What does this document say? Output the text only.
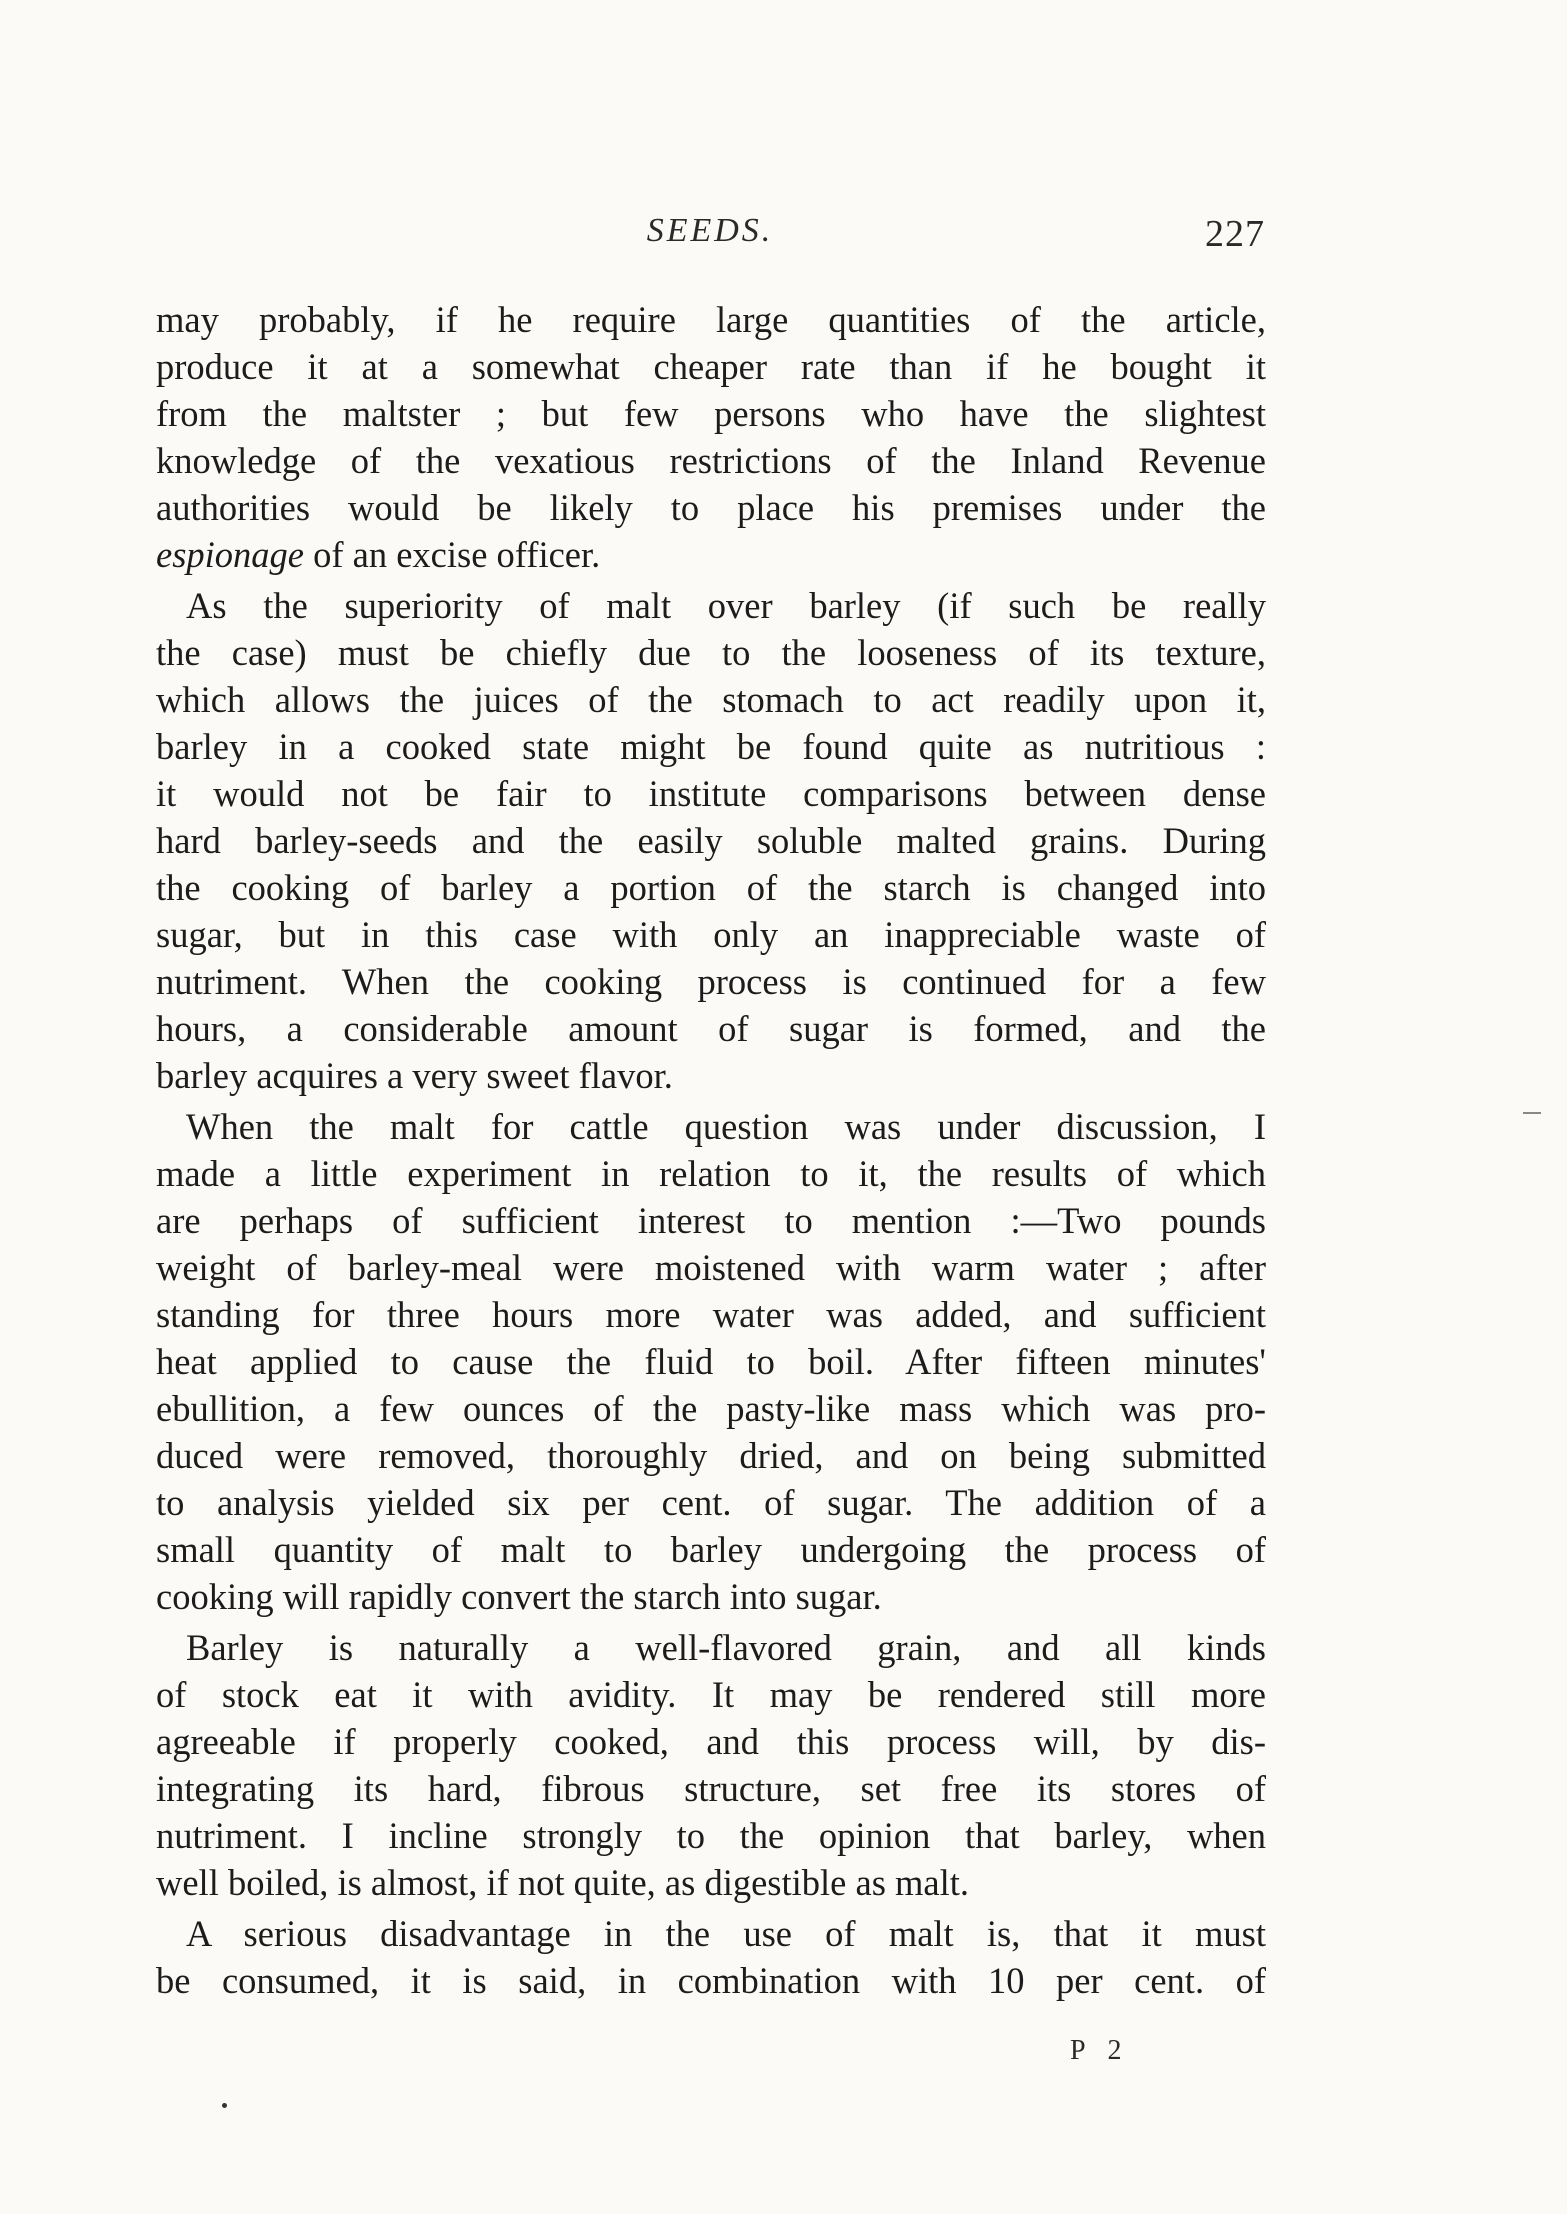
SEEDS.	227
may probably, if he require large quantities of the article,
produce it at a somewhat cheaper rate than if he bought it
from the maltster ; but few persons who have the slightest
knowledge of the vexatious restrictions of the Inland Revenue
authorities would be likely to place his premises under the
espionage of an excise officer.
As the superiority of malt over barley (if such be really
the case) must be chiefly due to the looseness of its texture,
which allows the juices of the stomach to act readily upon it,
barley in a cooked state might be found quite as nutritious :
it would not be fair to institute comparisons between dense
hard barley-seeds and the easily soluble malted grains. During
the cooking of barley a portion of the starch is changed into
sugar, but in this case with only an inappreciable waste of
nutriment. When the cooking process is continued for a few
hours, a considerable amount of sugar is formed, and the
barley acquires a very sweet flavor.
When the malt for cattle question was under discussion, I
made a little experiment in relation to it, the results of which
are perhaps of sufficient interest to mention :—Two pounds
weight of barley-meal were moistened with warm water ; after
standing for three hours more water was added, and sufficient
heat applied to cause the fluid to boil. After fifteen minutes'
ebullition, a few ounces of the pasty-like mass which was pro-
duced were removed, thoroughly dried, and on being submitted
to analysis yielded six per cent. of sugar. The addition of a
small quantity of malt to barley undergoing the process of
cooking will rapidly convert the starch into sugar.
Barley is naturally a well-flavored grain, and all kinds
of stock eat it with avidity. It may be rendered still more
agreeable if properly cooked, and this process will, by dis-
integrating its hard, fibrous structure, set free its stores of
nutriment. I incline strongly to the opinion that barley, when
well boiled, is almost, if not quite, as digestible as malt.
A serious disadvantage in the use of malt is, that it must
be consumed, it is said, in combination with 10 per cent. of
P 2
